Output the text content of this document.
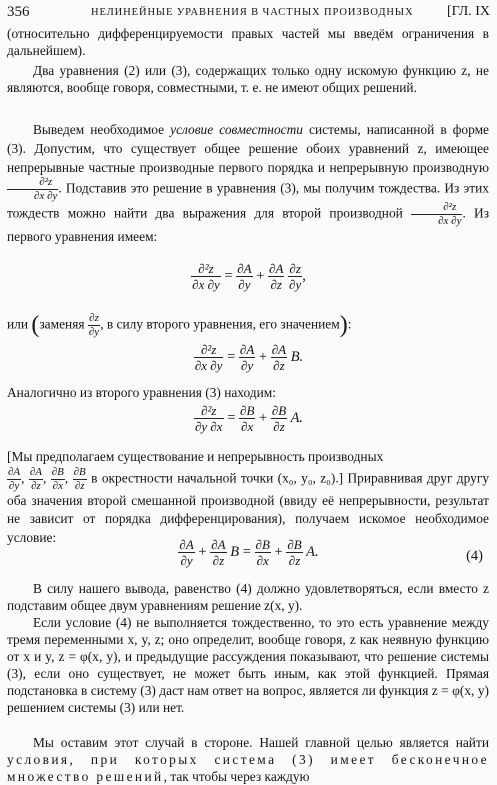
356	НЕЛИНЕЙНЫЕ УРАВНЕНИЯ В ЧАСТНЫХ ПРОИЗВОДНЫХ [ГЛ. IX
(относительно дифференцируемости правых частей мы введём ограничения в дальнейшем).
Два уравнения (2) или (3), содержащих только одну искомую функцию z, не являются, вообще говоря, совместными, т. е. не имеют общих решений.
Выведем необходимое условие совместности системы, написанной в форме (3). Допустим, что существует общее решение обоих уравнений z, имеющее непрерывные частные производные первого порядка и непрерывную производную
$\frac{\text{∂²z}}{\partial x \partial y}$ . Подставив это решение в уравнения (3), мы получим тождества. Из этих тождеств можно найти два выражения для второй производной $\frac{\text{∂²z}}{\partial x \partial y}$ . Из первого уравнения имеем:
$\frac{\text{∂²z}}{\partial x \partial y} = \frac{\partial A}{\partial y} + \frac{\partial A}{\partial z}$
$\frac{\partial z}{\partial y}$ ,
или (заменяя $\frac{\partial z}{\partial y}$ , в силу второго уравнения, его значением):
$\frac{\text{∂²z}}{\partial x \partial y} = \frac{\partial A}{\partial y} + \frac{\partial A}{\partial z} B$.
Аналогично из второго уравнения (3) находим:
$\frac{\text{∂²z}}{\partial y \partial x} = \frac{\partial B}{\partial x} + \frac{\partial B}{\partial z} A$.
[Мы предполагаем существование и непрерывность производных

$\frac{\partial A}{\partial y}$ , $\frac{\partial A}{\partial z}$ , $\frac{\partial B}{\partial x}$ , $\frac{\partial B}{\partial z}$ в окрестности начальной точки (x₀, y₀, z₀).] Приравнивая друг другу оба значения второй смешанной производной (ввиду её непрерывности, результат не зависит от порядка дифференцирования), получаем искомое необходимое условие:
$\frac{\partial A}{\partial y} + \frac{\partial A}{\partial z}$ $B = \frac{\partial B}{\partial x} + \frac{\partial B}{\partial z} A$.	(4)
В силу нашего вывода, равенство (4) должно удовлетворяться, если вместо z подставим общее двум уравнениям решение z(x, y).
Если условие (4) не выполняется тождественно, то это есть уравнение между тремя переменными x, y, z; оно определит, вообще говоря, z как неявную функцию от x и y, z = φ(x, y), и предыдущие рассуждения показывают, что решение системы (3), если оно существует, не может быть иным, как этой функцией. Прямая подстановка в систему (3) даст нам ответ на вопрос, является ли функция z = φ(x, y) решением системы (3) или нет.
Мы оставим этот случай в стороне. Нашей главной целью является найти условия, при которых система (3) имеет бесконечное множество решений, так чтобы через каждую
